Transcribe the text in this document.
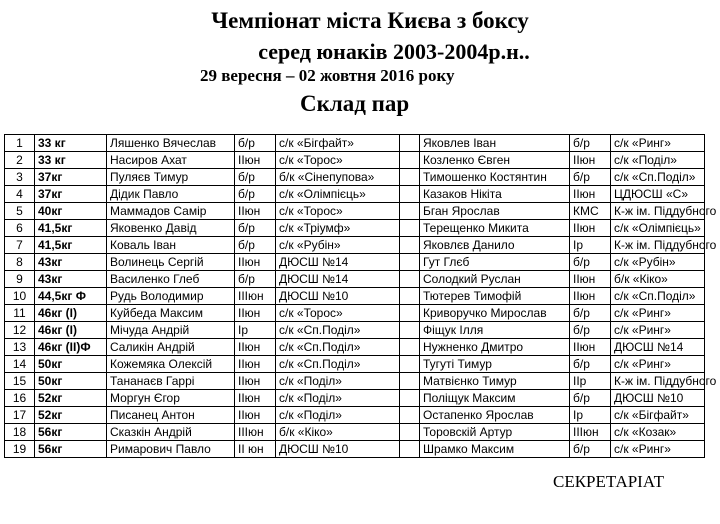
Чемпіонат міста Києва з боксу
серед юнаків 2003-2004р.н..
29 вересня – 02 жовтня 2016 року
Склад пар
1	33 кг	Ляшенко Вячеслав	б/р	с/к «Бігфайт»		Яковлев Іван	б/р	с/к «Ринг»
2	33 кг	Насиров Ахат	ІІюн	с/к «Торос»		Козленко Євген	ІІюн	с/к «Поділ»
3	37кг	Пуляєв Тимур	б/р	б/к «Сінепупова»		Тимошенко Костянтин	б/р	с/к «Сп.Поділ»
4	37кг	Дідик Павло	б/р	с/к «Олімпієць»		Казаков Нікіта	ІІюн	ЦДЮСШ «С»
5	40кг	Маммадов Самір	ІІюн	с/к «Торос»		Бган Ярослав	КМС	К-ж ім. Піддубного
6	41,5кг	Яковенко Давід	б/р	с/к «Тріумф»		Терещенко Микита	ІІюн	с/к «Олімпієць»
7	41,5кг	Коваль Іван	б/р	с/к «Рубін»		Яковлєв Данило	Ір	К-ж ім. Піддубного
8	43кг	Волинець Сергій	ІІюн	ДЮСШ №14		Гут Глєб	б/р	с/к «Рубін»
9	43кг	Василенко Глеб	б/р	ДЮСШ №14		Солодкий Руслан	ІІюн	б/к «Кіко»
10	44,5кг Ф	Рудь Володимир	ІІІюн	ДЮСШ №10		Тютерев Тимофій	ІІюн	с/к «Сп.Поділ»
11	46кг (І)	Куйбеда Максим	ІІюн	с/к «Торос»		Криворучко Мирослав	б/р	с/к «Ринг»
12	46кг (І)	Мічуда Андрій	Ір	с/к «Сп.Поділ»		Фіщук Ілля	б/р	с/к «Ринг»
13	46кг (ІІ)Ф	Саликін Андрій	ІІюн	с/к «Сп.Поділ»		Нужненко Дмитро	ІІюн	ДЮСШ №14
14	50кг	Кожемяка Олексій	ІІюн	с/к «Сп.Поділ»		Тугуті Тимур	б/р	с/к «Ринг»
15	50кг	Тананаєв Гаррі	ІІюн	с/к «Поділ»		Матвієнко Тимур	ІІр	К-ж ім. Піддубного
16	52кг	Моргун Єгор	ІІюн	с/к «Поділ»		Поліщук Максим	б/р	ДЮСШ №10
17	52кг	Писанец Антон	ІІюн	с/к «Поділ»		Остапенко Ярослав	Ір	с/к «Бігфайт»
18	56кг	Сказкін Андрій	ІІІюн	б/к «Кіко»		Торовскій Артур	ІІІюн	с/к «Козак»
19	56кг	Римарович Павло	ІІ юн	ДЮСШ №10		Шрамко Максим	б/р	с/к «Ринг»
СЕКРЕТАРІАТ
